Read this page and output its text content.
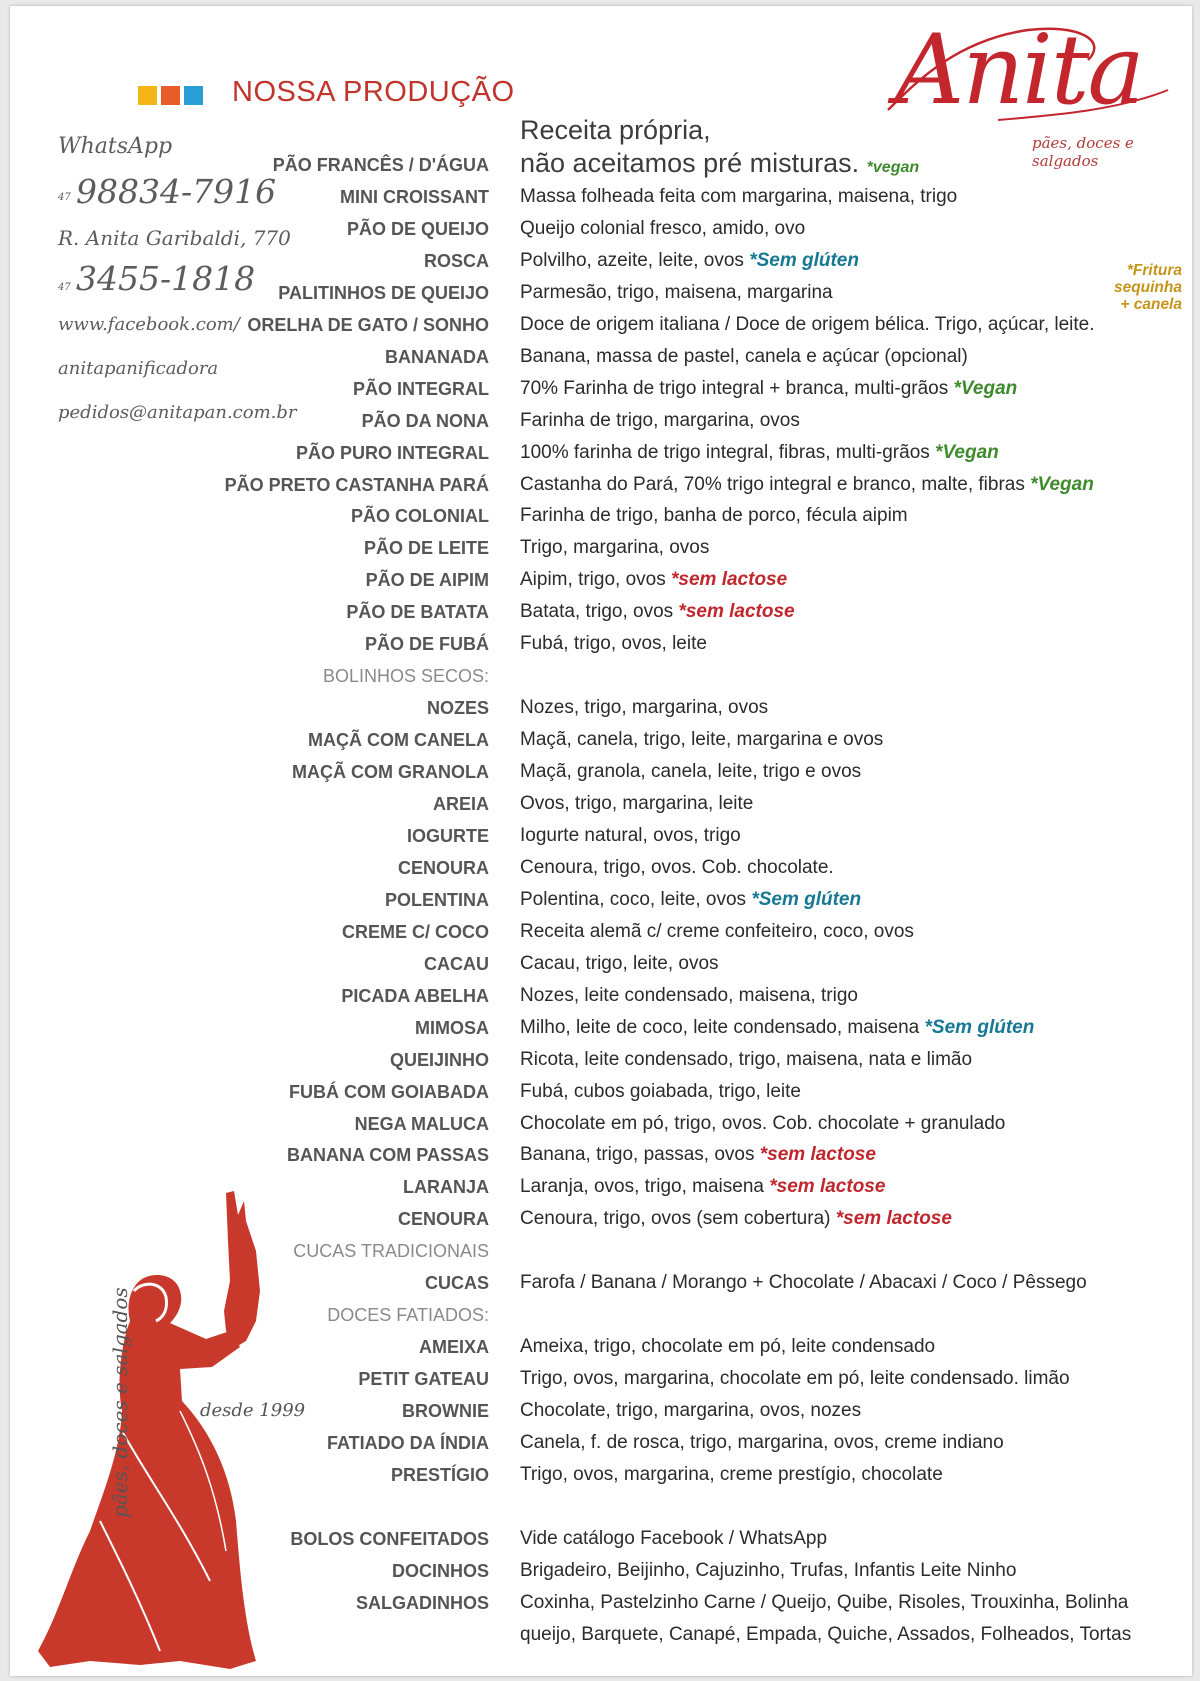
NOSSA PRODUÇÃO	Anita
pães, doces e salgados
WhatsApp
47 98834-7916
R. Anita Garibaldi, 770
47 3455-1818
www.facebook.com/
anitapanificadora
pedidos@anitapan.com.br
Receita própria,
não aceitamos pré misturas. *vegan
*Fritura
sequinha
+ canela
PÃO FRANCÊS / D'ÁGUA
MINI CROISSANT Massa folheada feita com margarina, maisena, trigo
PÃO DE QUEIJO Queijo colonial fresco, amido, ovo
ROSCA Polvilho, azeite, leite, ovos *Sem glúten
PALITINHOS DE QUEIJO Parmesão, trigo, maisena, margarina
ORELHA DE GATO / SONHO Doce de origem italiana / Doce de origem bélica. Trigo, açúcar, leite.
BANANADA Banana, massa de pastel, canela e açúcar (opcional)
PÃO INTEGRAL 70% Farinha de trigo integral + branca, multi-grãos *Vegan
PÃO DA NONA Farinha de trigo, margarina, ovos
PÃO PURO INTEGRAL 100% farinha de trigo integral, fibras, multi-grãos *Vegan
PÃO PRETO CASTANHA PARÁ Castanha do Pará, 70% trigo integral e branco, malte, fibras *Vegan
PÃO COLONIAL Farinha de trigo, banha de porco, fécula aipim
PÃO DE LEITE Trigo, margarina, ovos
PÃO DE AIPIM Aipim, trigo, ovos *sem lactose
PÃO DE BATATA Batata, trigo, ovos *sem lactose
PÃO DE FUBÁ Fubá, trigo, ovos, leite
BOLINHOS SECOS:
NOZES Nozes, trigo, margarina, ovos
MAÇÃ COM CANELA Maçã, canela, trigo, leite, margarina e ovos
MAÇÃ COM GRANOLA Maçã, granola, canela, leite, trigo e ovos
AREIA Ovos, trigo, margarina, leite
IOGURTE Iogurte natural, ovos, trigo
CENOURA Cenoura, trigo, ovos. Cob. chocolate.
POLENTINA Polentina, coco, leite, ovos *Sem glúten
CREME C/ COCO Receita alemã c/ creme confeiteiro, coco, ovos
CACAU Cacau, trigo, leite, ovos
PICADA ABELHA Nozes, leite condensado, maisena, trigo
MIMOSA Milho, leite de coco, leite condensado, maisena *Sem glúten
QUEIJINHO Ricota, leite condensado, trigo, maisena, nata e limão
FUBÁ COM GOIABADA Fubá, cubos goiabada, trigo, leite
NEGA MALUCA Chocolate em pó, trigo, ovos. Cob. chocolate + granulado
BANANA COM PASSAS Banana, trigo, passas, ovos *sem lactose
LARANJA Laranja, ovos, trigo, maisena *sem lactose
CENOURA Cenoura, trigo, ovos (sem cobertura) *sem lactose
CUCAS TRADICIONAIS
CUCAS Farofa / Banana / Morango + Chocolate / Abacaxi / Coco / Pêssego
DOCES FATIADOS:
AMEIXA Ameixa, trigo, chocolate em pó, leite condensado
PETIT GATEAU Trigo, ovos, margarina, chocolate em pó, leite condensado. limão
BROWNIE Chocolate, trigo, margarina, ovos, nozes
FATIADO DA ÍNDIA Canela, f. de rosca, trigo, margarina, ovos, creme indiano
PRESTÍGIO Trigo, ovos, margarina, creme prestígio, chocolate
BOLOS CONFEITADOS Vide catálogo Facebook / WhatsApp
DOCINHOS Brigadeiro, Beijinho, Cajuzinho, Trufas, Infantis Leite Ninho
SALGADINHOS Coxinha, Pastelzinho Carne / Queijo, Quibe, Risoles, Trouxinha, Bolinha
queijo, Barquete, Canapé, Empada, Quiche, Assados, Folheados, Tortas
pães, doces e salgados	desde 1999
